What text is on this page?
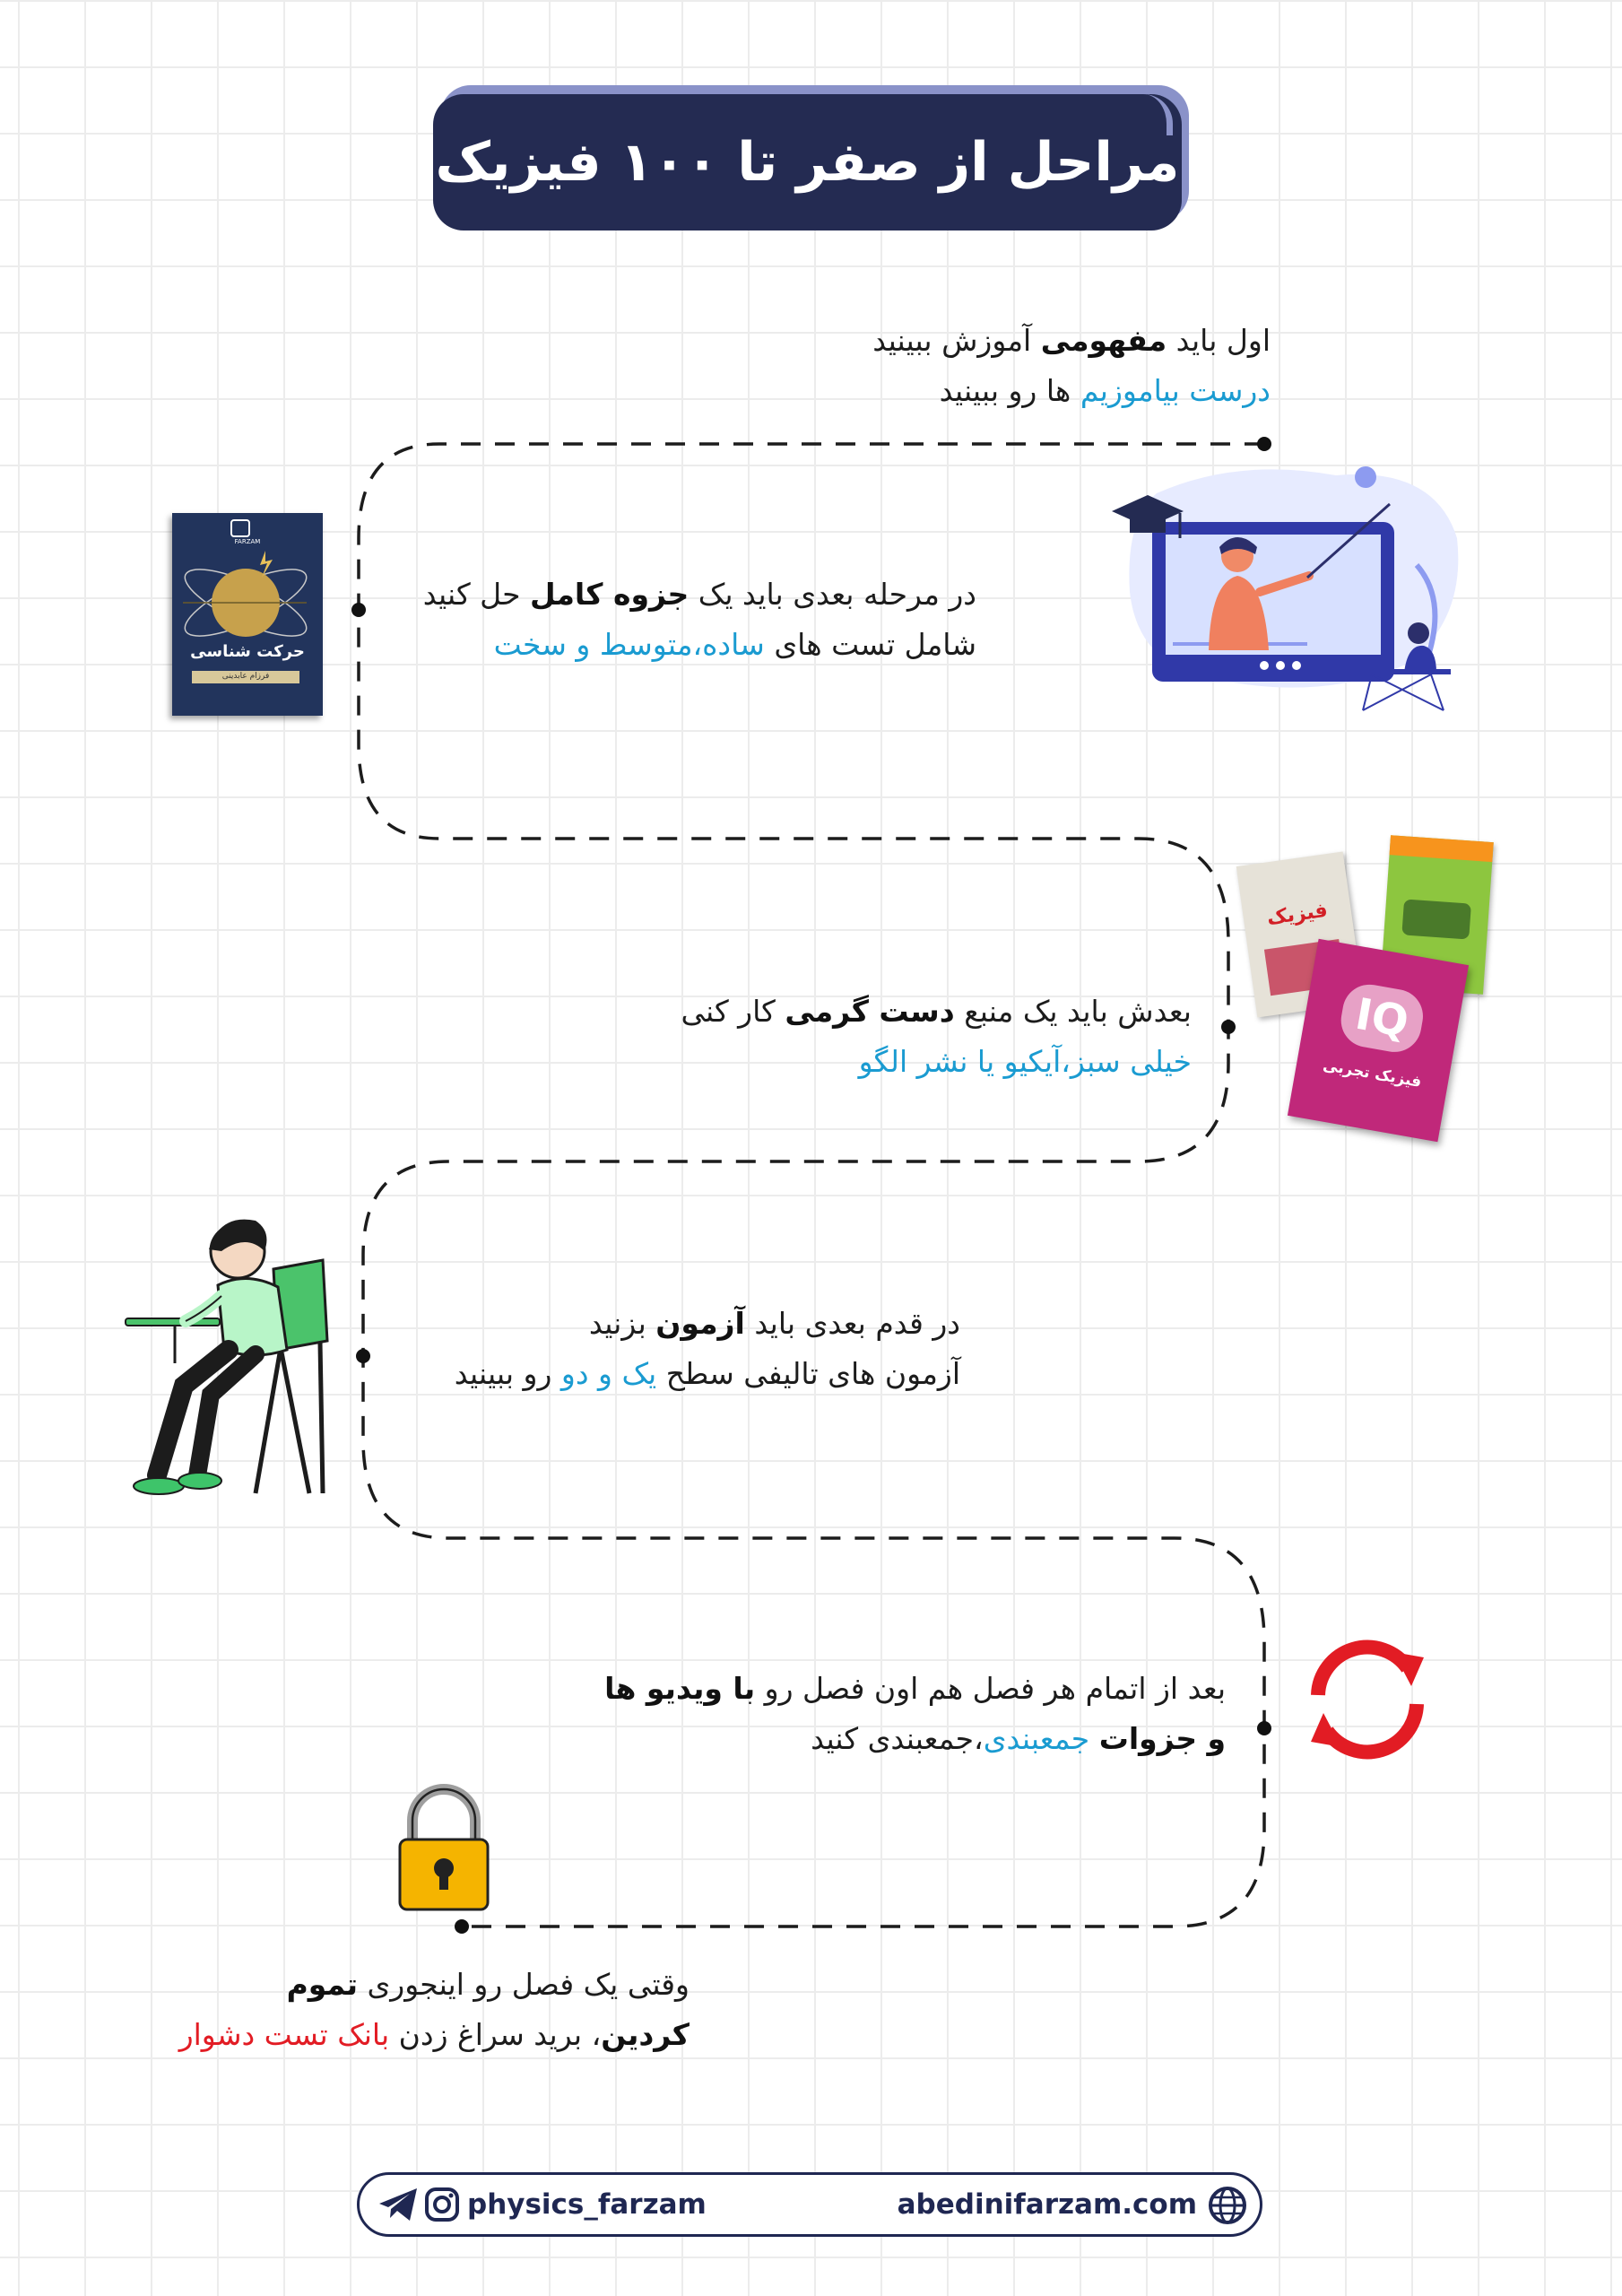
مراحل از صفر تا ۱۰۰ فیزیک
اول باید مفهومی آموزش ببینید
درست بیاموزیم ها رو ببینید
در مرحله بعدی باید یک جزوه کامل حل کنید
شامل تست های ساده،متوسط و سخت
بعدش باید یک منبع دست گرمی کار کنی
خیلی سبز،آیکیو یا نشر الگو
در قدم بعدی باید آزمون بزنید
آزمون های تالیفی سطح یک و دو رو ببینید
بعد از اتمام هر فصل هم اون فصل رو با ویدیو ها
و جزوات جمعبندی،جمعبندی کنید
وقتی یک فصل رو اینجوری تموم
کردین، برید سراغ زدن بانک تست دشوار
FARZAM
حرکت شناسی
فرزام عابدینی
فیزیک
IQ
فیزیک تجربی
physics_farzam	abedinifarzam.com
